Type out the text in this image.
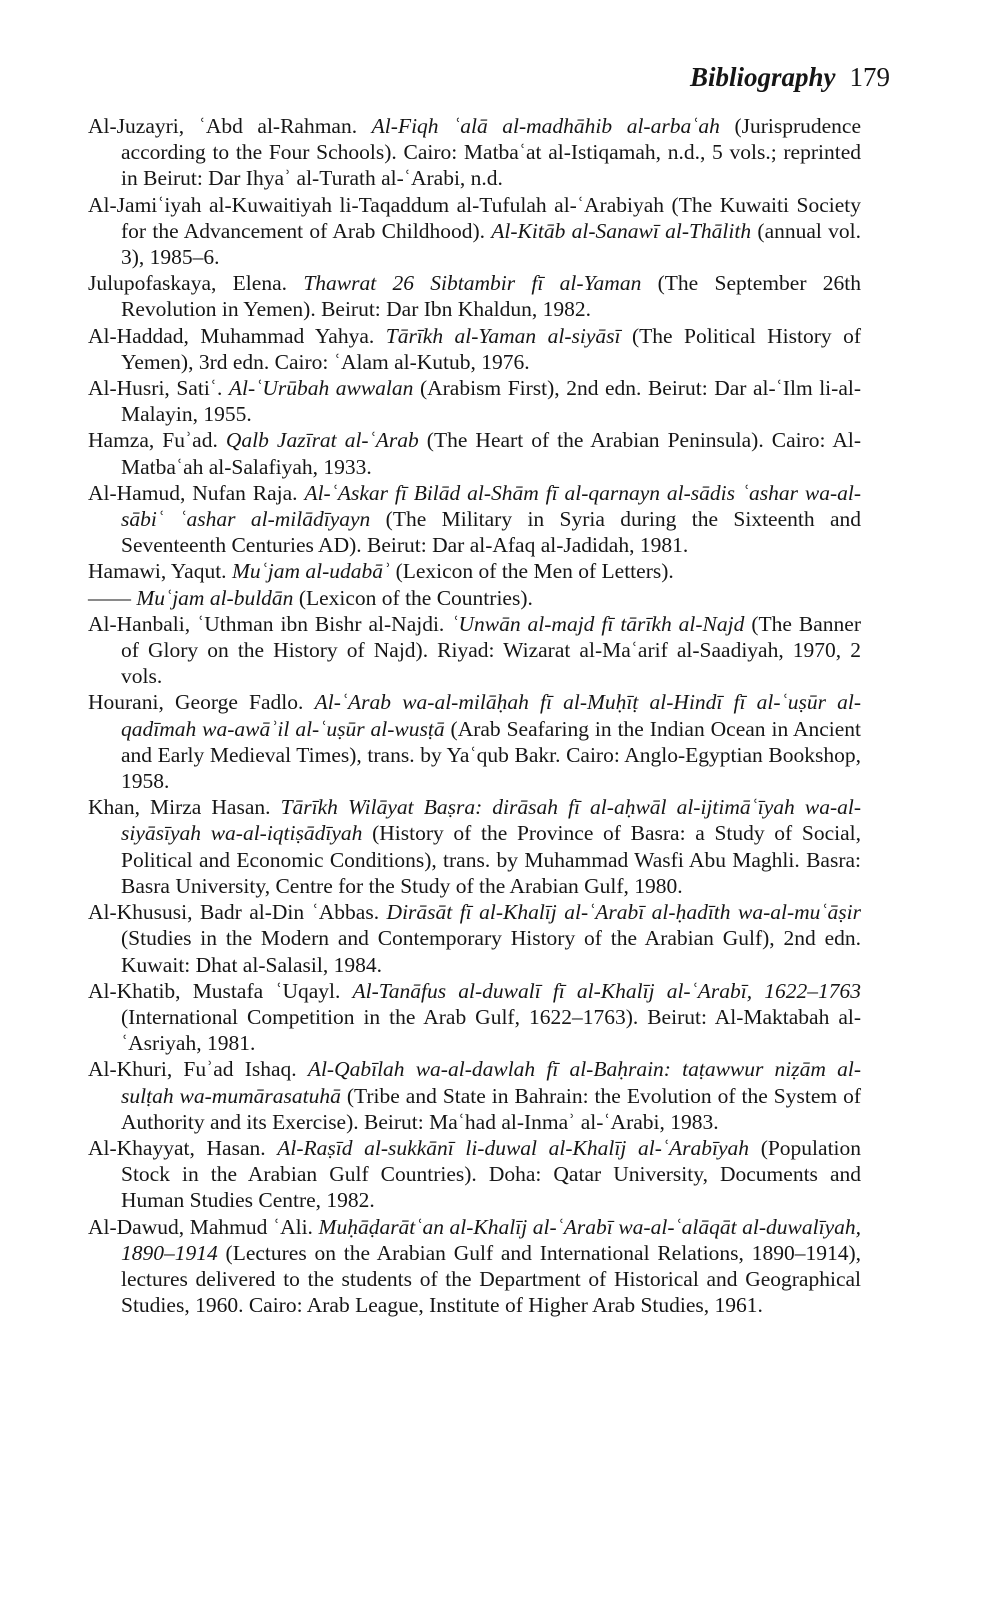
Bibliography 179

Al-Juzayri, ʿAbd al-Rahman. Al-Fiqh ʿalā al-madhāhib al-arbaʿah (Jurisprudence according to the Four Schools). Cairo: Matbaʿat al-Istiqamah, n.d., 5 vols.; reprinted in Beirut: Dar Ihyaʾ al-Turath al-ʿArabi, n.d.

Al-Jamiʿiyah al-Kuwaitiyah li-Taqaddum al-Tufulah al-ʿArabiyah (The Kuwaiti Society for the Advancement of Arab Childhood). Al-Kitāb al-Sanawī al-Thālith (annual vol. 3), 1985–6.

Julupofaskaya, Elena. Thawrat 26 Sibtambir fī al-Yaman (The September 26th Revolution in Yemen). Beirut: Dar Ibn Khaldun, 1982.

Al-Haddad, Muhammad Yahya. Tārīkh al-Yaman al-siyāsī (The Political History of Yemen), 3rd edn. Cairo: ʿAlam al-Kutub, 1976.

Al-Husri, Satiʿ. Al-ʿUrūbah awwalan (Arabism First), 2nd edn. Beirut: Dar al-ʿIlm li-al-Malayin, 1955.

Hamza, Fuʾad. Qalb Jazīrat al-ʿArab (The Heart of the Arabian Peninsula). Cairo: Al-Matbaʿah al-Salafiyah, 1933.

Al-Hamud, Nufan Raja. Al-ʿAskar fī Bilād al-Shām fī al-qarnayn al-sādis ʿashar wa-al-sābiʿ ʿashar al-milādīyayn (The Military in Syria during the Sixteenth and Seventeenth Centuries AD). Beirut: Dar al-Afaq al-Jadidah, 1981.

Hamawi, Yaqut. Muʿjam al-udabāʾ (Lexicon of the Men of Letters).

—— Muʿjam al-buldān (Lexicon of the Countries).

Al-Hanbali, ʿUthman ibn Bishr al-Najdi. ʿUnwān al-majd fī tārīkh al-Najd (The Banner of Glory on the History of Najd). Riyad: Wizarat al-Maʿarif al-Saadiyah, 1970, 2 vols.

Hourani, George Fadlo. Al-ʿArab wa-al-milāḥah fī al-Muḥīṭ al-Hindī fī al-ʿuṣūr al-qadīmah wa-awāʾil al-ʿuṣūr al-wusṭā (Arab Seafaring in the Indian Ocean in Ancient and Early Medieval Times), trans. by Yaʿqub Bakr. Cairo: Anglo-Egyptian Bookshop, 1958.

Khan, Mirza Hasan. Tārīkh Wilāyat Baṣra: dirāsah fī al-aḥwāl al-ijtimāʿīyah wa-al-siyāsīyah wa-al-iqtiṣādīyah (History of the Province of Basra: a Study of Social, Political and Economic Conditions), trans. by Muhammad Wasfi Abu Maghli. Basra: Basra University, Centre for the Study of the Arabian Gulf, 1980.

Al-Khususi, Badr al-Din ʿAbbas. Dirāsāt fī al-Khalīj al-ʿArabī al-ḥadīth wa-al-muʿāṣir (Studies in the Modern and Contemporary History of the Arabian Gulf), 2nd edn. Kuwait: Dhat al-Salasil, 1984.

Al-Khatib, Mustafa ʿUqayl. Al-Tanāfus al-duwalī fī al-Khalīj al-ʿArabī, 1622–1763 (International Competition in the Arab Gulf, 1622–1763). Beirut: Al-Maktabah al-ʿAsriyah, 1981.

Al-Khuri, Fuʾad Ishaq. Al-Qabīlah wa-al-dawlah fī al-Baḥrain: taṭawwur niẓām al-sulṭah wa-mumārasatuhā (Tribe and State in Bahrain: the Evolution of the System of Authority and its Exercise). Beirut: Maʿhad al-Inmaʾ al-ʿArabi, 1983.

Al-Khayyat, Hasan. Al-Raṣīd al-sukkānī li-duwal al-Khalīj al-ʿArabīyah (Population Stock in the Arabian Gulf Countries). Doha: Qatar University, Documents and Human Studies Centre, 1982.

Al-Dawud, Mahmud ʿAli. Muḥāḍarātʿan al-Khalīj al-ʿArabī wa-al-ʿalāqāt al-duwalīyah, 1890–1914 (Lectures on the Arabian Gulf and International Relations, 1890–1914), lectures delivered to the students of the Department of Historical and Geographical Studies, 1960. Cairo: Arab League, Institute of Higher Arab Studies, 1961.
